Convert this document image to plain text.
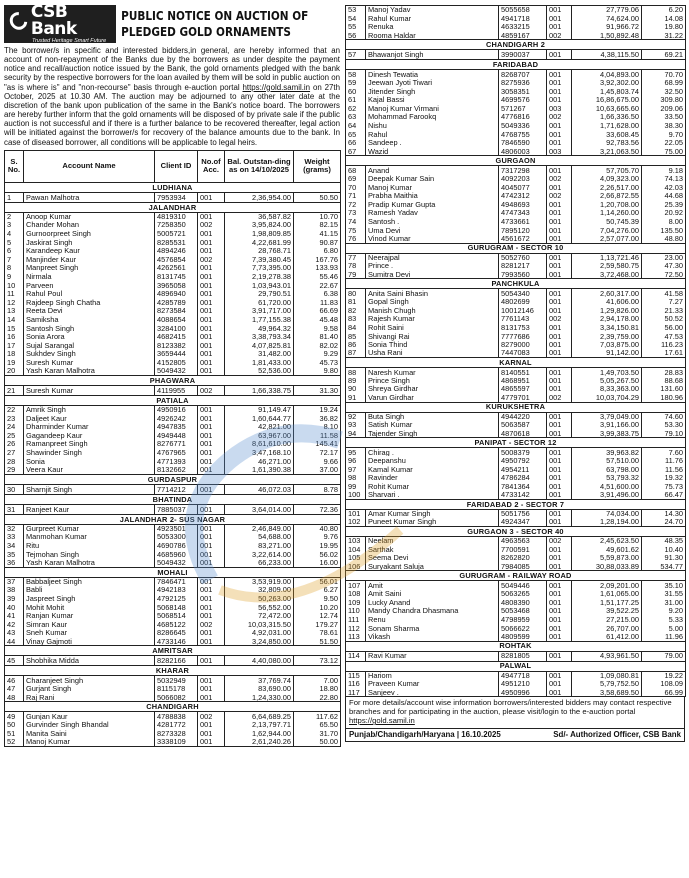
CSB Bank
Trusted Heritage Smart Future
PUBLIC NOTICE ON AUCTION OF
PLEDGED GOLD ORNAMENTS
The borrower/s in specific and interested bidders,in general, are hereby informed that an account of non-repayment of the Banks due by the borrowers as under despite the payment notice and recall/auction notice issued by the Bank, the gold ornaments pledged with the bank security by the respective borrowers for the loan availed by them will be sold in public auction on "as is where is" and "non-recourse" basis through e-auction portal https://gold.samil.in on 27th October, 2025 at 10.30 AM. The auction may be adjourned to any other later date at the discretion of the bank upon publication of the same in the Bank's notice board. The borrowers are hereby further inform that the gold ornaments will be disposed of by private sale if the public auction is not successful and if there is a further balance to be recovered thereafter, legal action will be initiated against the borrower/s for recovery of the balance amounts due to the bank. In case of diseased borrower, all conditions will be applicable to legal heirs.
S. No.	Account Name	Client ID	No.of Acc.	Bal. Outstan-ding as on 14/10/2025	Weight (grams)
LUDHIANA					
1	Pawan Malhotra	7953934	001	2,36,954.00	50.50
JALANDHAR					
2	Anoop Kumar	4819310	001	36,587.82	10.70
3	Chander Mohan	7258350	002	3,95,824.00	82.15
4	Gurnoorpreet Singh	5005721	001	1,98,809.85	41.15
5	Jaskirat Singh	8285531	001	4,22,681.99	90.87
6	Karandeep Kaur	4894246	001	28,768.71	6.80
7	Manjinder Kaur	4576854	002	7,39,380.45	167.76
8	Manpreet Singh	4262561	001	7,73,395.00	133.93
9	Nirmala	8131745	001	2,19,278.38	55.46
10	Parveen	3965058	001	1,03,943.01	22.67
11	Rahul Poul	4896940	001	29,790.51	6.38
12	Rajdeep Singh Chatha	4285789	001	61,720.00	11.83
13	Reeta Devi	8273584	001	3,91,717.00	66.69
14	Samiksha	4088654	001	1,77,155.38	45.48
15	Santosh Singh	3284100	001	49,964.32	9.58
16	Sonia Arora	4682415	001	3,38,793.34	81.40
17	Sujal Sarangal	8123382	001	4,07,825.81	82.02
18	Sukhdev Singh	3659444	001	31,482.00	9.29
19	Suresh Kumar	4152805	001	1,81,433.00	45.73
20	Yash Karan Malhotra	5049432	001	52,536.00	9.80
PHAGWARA					
21	Suresh Kumar	4119955	002	1,66,338.75	31.30
PATIALA					
22	Amrik Singh	4950916	001	91,149.47	19.24
23	Daljeet Kaur	4926242	001	1,60,644.77	36.82
24	Dharminder Kumar	4947835	001	42,821.00	8.10
25	Gagandeep Kaur	4949448	001	63,967.00	11.58
26	Ramanpreet Singh	8276771	001	8,61,610.00	145.41
27	Shawinder Singh	4767965	001	3,47,168.10	72.17
28	Sonia	4771393	001	46,271.00	9.66
29	Veera Kaur	8132662	001	1,61,390.38	37.00
GURDASPUR					
30	Sharnjit Singh	7714212	001	46,072.03	8.78
BHATINDA					
31	Ranjeet Kaur	7885037	001	3,64,014.00	72.36
JALANDHAR 2- SUS NAGAR					
32	Gurpreet Kumar	4923501	001	2,46,849.00	40.80
33	Manmohan Kumar	5053300	001	54,688.00	9.76
34	Ritu	4690786	001	83,271.00	19.95
35	Tejmohan Singh	4685960	001	3,22,614.00	56.02
36	Yash Karan Malhotra	5049432	001	66,233.00	16.00
MOHALI					
37	Babbaljeet Singh	7846471	001	3,53,919.00	56.01
38	Babli	4942183	001	32,809.00	6.27
39	Jaspreet Singh	4792125	001	50,263.00	9.50
40	Mohit Mohit	5068148	001	56,552.00	10.20
41	Ranjan Kumar	5068514	001	72,472.00	12.74
42	Simran Kaur	4685122	002	10,03,315.50	179.27
43	Sneh Kumar	8286645	001	4,92,031.00	78.61
44	Vinay Gajmoti	4733146	001	3,24,850.00	51.50
AMRITSAR					
45	Shobhika Midda	8282166	001	4,40,080.00	73.12
KHARAR					
46	Charanjeet Singh	5032949	001	37,769.74	7.00
47	Gurjant Singh	8115178	001	83,690.00	18.80
48	Raj Rani	5066082	001	1,24,330.00	22.80
CHANDIGARH					
49	Gunjan Kaur	4788838	002	6,64,689.25	117.62
50	Gurvinder Singh Bhandal	4281772	001	2,13,797.71	65.50
51	Manita Saini	8273328	001	1,62,944.00	31.70
52	Manoj Kumar	3338109	001	2,61,240.26	50.00
53	Manoj Yadav	5055658	001	27,779.06	6.20
54	Rahul Kumar	4941718	001	74,624.00	14.08
55	Renuka	4633215	001	91,966.72	19.80
56	Rooma Haldar	4859167	002	1,50,892.48	31.22
CHANDIGARH 2					
57	Bhawanjot Singh	3990037	001	4,38,115.50	69.21
FARIDABAD					
58	Dinesh Tewatia	8268707	001	4,04,893.00	70.70
59	Jeewan Jyoti Tiwari	8275936	001	3,92,302.00	68.99
60	Jitender Singh	3058351	001	1,45,803.74	32.50
61	Kajal Bassi	4699576	001	16,86,675.00	309.80
62	Manoj Kumar Virmani	571267	003	10,63,665.60	209.06
63	Mohammad Farookq	4776816	002	1,66,336.50	33.50
64	Nishu	5049336	001	1,71,628.00	38.30
65	Rahul	4768755	001	33,608.45	9.70
66	Sandeep .	7846590	001	92,783.56	22.05
67	Wazid	4806003	003	3,21,063.50	75.00
GURGAON					
68	Anand	7317298	001	57,705.70	9.18
69	Deepak Kumar Sain	4092203	002	4,09,323.00	74.13
70	Manoj Kumar	4045077	001	2,26,517.00	42.03
71	Prabha Maithia	4742312	002	2,66,872.55	44.68
72	Pradip Kumar Gupta	4948693	001	1,20,708.00	25.39
73	Ramesh Yadav	4747343	001	1,14,260.00	20.92
74	Santosh .	4733661	001	50,745.39	8.00
75	Uma Devi	7895120	001	7,04,276.00	135.50
76	Vinod Kumar	4561672	001	2,57,077.00	48.80
GURUGRAM - SECTOR 10					
77	Neerajpal	5052760	001	1,13,721.46	23.00
78	Prince .	8281217	001	2,59,580.75	47.30
79	Sumitra Devi	7993560	001	3,72,468.00	72.50
PANCHKULA					
80	Anita Saini Bhasin	5054340	001	2,60,317.00	41.58
81	Gopal Singh	4802699	001	41,606.00	7.27
82	Manish Chugh	10012146	001	1,29,826.00	21.33
83	Rajesh Kumar	7761143	002	2,94,178.00	50.52
84	Rohit Saini	8131753	001	3,34,150.81	56.00
85	Shivangi Rai	7777686	001	2,39,759.00	47.53
86	Sonia Thind	8279000	001	7,03,875.00	116.23
87	Usha Rani	7447083	001	91,142.00	17.61
KARNAL					
88	Naresh Kumar	8140551	001	1,49,703.50	28.83
89	Prince Singh	4868951	001	5,05,267.50	88.68
90	Shreya Girdhar	4865597	001	8,33,363.00	131.60
91	Varun Girdhar	4779701	002	10,03,704.29	180.96
KURUKSHETRA					
92	Buta Singh	4944220	001	3,79,049.00	74.60
93	Satish Kumar	5063587	001	3,91,166.00	53.30
94	Tajender Singh	4870618	001	3,99,383.75	79.10
PANIPAT - SECTOR 12					
95	Chirag .	5008379	001	39,963.82	7.60
96	Deepanshu	4950792	001	57,510.00	11.76
97	Kamal Kumar	4954211	001	63,798.00	11.56
98	Ravinder	4786284	001	53,793.32	19.32
99	Rohit Kumar	7841364	001	4,51,600.00	75.73
100	Sharvari .	4733142	001	3,91,496.00	66.47
FARIDABAD 2 - SECTOR 7					
101	Amar Kumar Singh	5051756	001	74,034.00	14.30
102	Puneet Kumar Singh	4924347	001	1,28,194.00	24.70
GURGAON 3 - SECTOR 40					
103	Neelam	4963563	002	2,45,623.50	48.35
104	Sarthak	7700591	001	49,601.62	10.40
105	Seema Devi	8262820	001	5,59,873.00	91.30
106	Suryakant Saluja	7984085	001	30,88,033.89	534.77
GURUGRAM - RAILWAY ROAD					
107	Amit	5049446	001	2,09,201.00	35.10
108	Amit Saini	5063265	001	1,61,065.00	31.55
109	Lucky Anand	4808390	001	1,51,177.25	31.00
110	Mandy Chandra Dhasmana	5053468	001	39,522.25	9.20
111	Renu	4798959	001	27,215.00	5.33
112	Sonam Sharma	5066622	001	26,707.00	5.00
113	Vikash	4809599	001	61,412.00	11.96
ROHTAK					
114	Ravi Kumar	8281805	001	4,93,961.50	79.00
PALWAL					
115	Hariom	4947718	001	1,09,080.81	19.22
116	Praveen Kumar	4951210	001	5,79,752.50	108.09
117	Sanjeev .	4950996	001	3,58,689.50	66.99
For more details/account wise information borrowers/interested bidders may contact respective branches and for participating in the auction, please visit/login to the e-auction portal https://gold.samil.in
Punjab/Chandigarh/Haryana | 16.10.2025	Sd/- Authorized Officer, CSB Bank
